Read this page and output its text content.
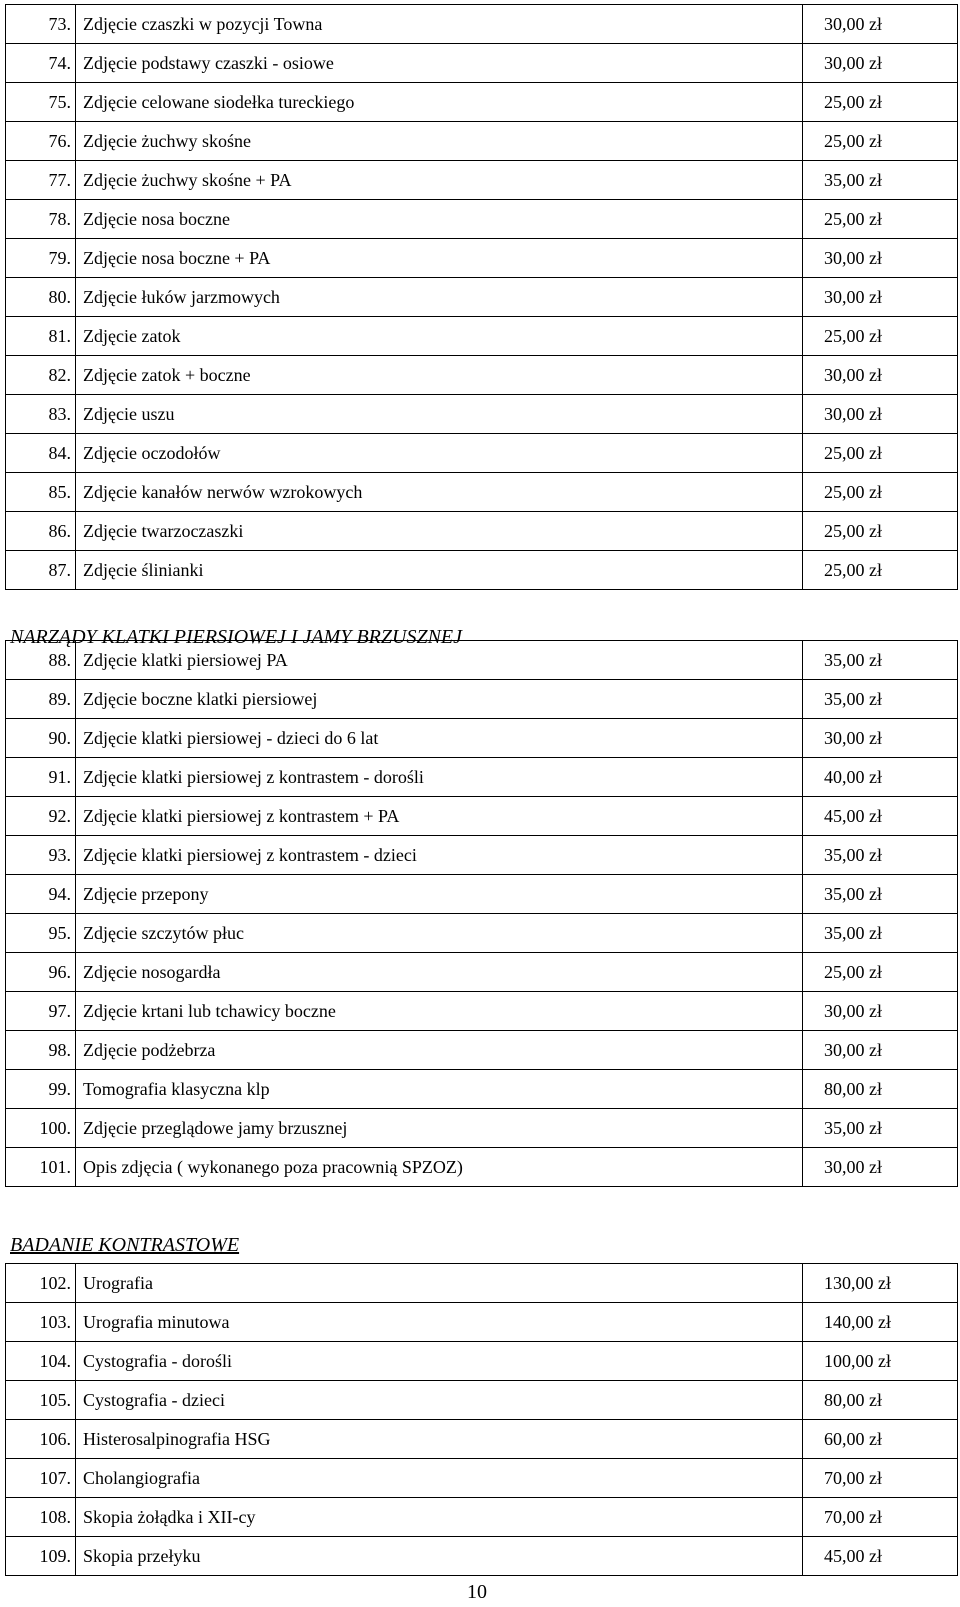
73.	Zdjęcie czaszki w pozycji Towna	30,00 zł
74.	Zdjęcie podstawy czaszki - osiowe	30,00 zł
75.	Zdjęcie celowane siodełka tureckiego	25,00 zł
76.	Zdjęcie żuchwy skośne	25,00 zł
77.	Zdjęcie żuchwy skośne + PA	35,00 zł
78.	Zdjęcie nosa boczne	25,00 zł
79.	Zdjęcie nosa boczne + PA	30,00 zł
80.	Zdjęcie łuków jarzmowych	30,00 zł
81.	Zdjęcie zatok	25,00 zł
82.	Zdjęcie zatok + boczne	30,00 zł
83.	Zdjęcie uszu	30,00 zł
84.	Zdjęcie oczodołów	25,00 zł
85.	Zdjęcie kanałów nerwów wzrokowych	25,00 zł
86.	Zdjęcie twarzoczaszki	25,00 zł
87.	Zdjęcie ślinianki	25,00 zł
NARZĄDY KLATKI PIERSIOWEJ I JAMY BRZUSZNEJ
88.	Zdjęcie klatki piersiowej PA	35,00 zł
89.	Zdjęcie boczne klatki piersiowej	35,00 zł
90.	Zdjęcie klatki piersiowej - dzieci do 6 lat	30,00 zł
91.	Zdjęcie klatki piersiowej z kontrastem - dorośli	40,00 zł
92.	Zdjęcie klatki piersiowej z kontrastem + PA	45,00 zł
93.	Zdjęcie klatki piersiowej z kontrastem - dzieci	35,00 zł
94.	Zdjęcie przepony	35,00 zł
95.	Zdjęcie szczytów płuc	35,00 zł
96.	Zdjęcie nosogardła	25,00 zł
97.	Zdjęcie krtani lub tchawicy boczne	30,00 zł
98.	Zdjęcie podżebrza	30,00 zł
99.	Tomografia klasyczna klp	80,00 zł
100.	Zdjęcie przeglądowe jamy brzusznej	35,00 zł
101.	Opis zdjęcia ( wykonanego poza pracownią SPZOZ)	30,00 zł
BADANIE KONTRASTOWE
102.	Urografia	130,00 zł
103.	Urografia minutowa	140,00 zł
104.	Cystografia - dorośli	100,00 zł
105.	Cystografia - dzieci	80,00 zł
106.	Histerosalpinografia HSG	60,00 zł
107.	Cholangiografia	70,00 zł
108.	Skopia żołądka i XII-cy	70,00 zł
109.	Skopia przełyku	45,00 zł
10
